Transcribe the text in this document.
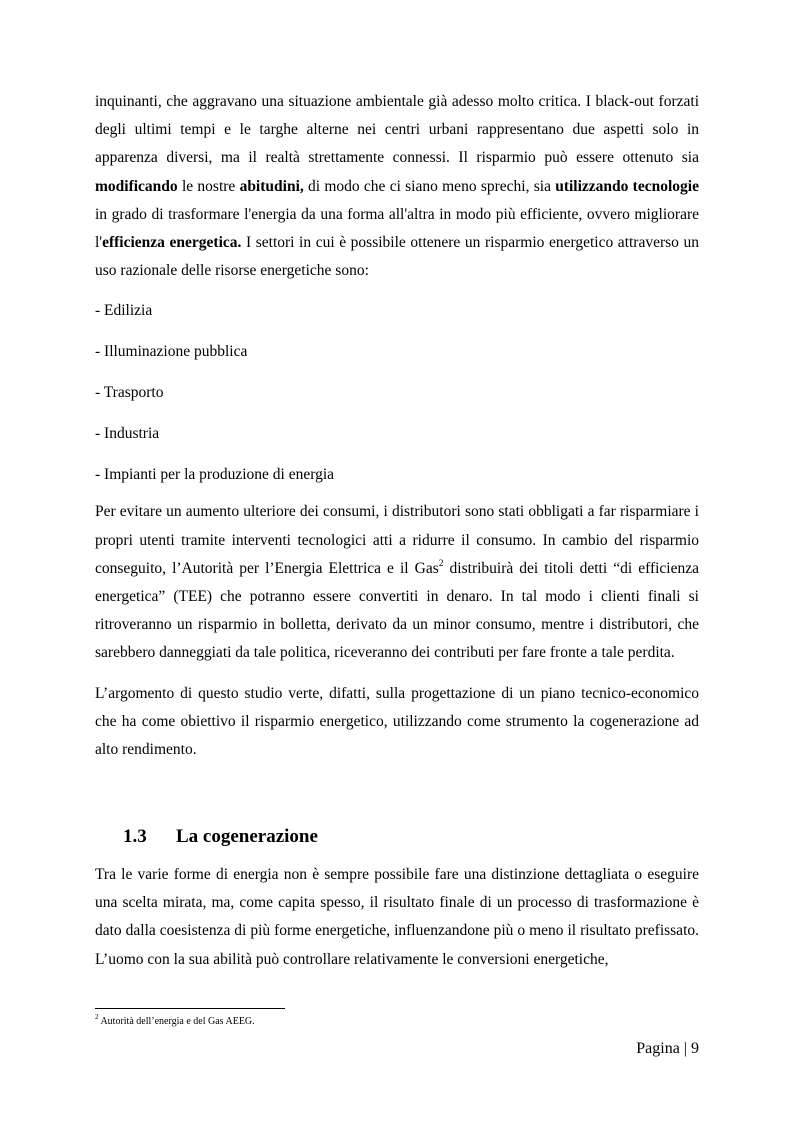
inquinanti, che aggravano una situazione ambientale già adesso molto critica. I black-out forzati degli ultimi tempi e le targhe alterne nei centri urbani rappresentano due aspetti solo in apparenza diversi, ma il realtà strettamente connessi. Il risparmio può essere ottenuto sia modificando le nostre abitudini, di modo che ci siano meno sprechi, sia utilizzando tecnologie in grado di trasformare l'energia da una forma all'altra in modo più efficiente, ovvero migliorare l'efficienza energetica. I settori in cui è possibile ottenere un risparmio energetico attraverso un uso razionale delle risorse energetiche sono:

- Edilizia
- Illuminazione pubblica
- Trasporto
- Industria
- Impianti per la produzione di energia

Per evitare un aumento ulteriore dei consumi, i distributori sono stati obbligati a far risparmiare i propri utenti tramite interventi tecnologici atti a ridurre il consumo. In cambio del risparmio conseguito, l’Autorità per l’Energia Elettrica e il Gas$^2$ distribuirà dei titoli detti “di efficienza energetica” (TEE) che potranno essere convertiti in denaro. In tal modo i clienti finali si ritroveranno un risparmio in bolletta, derivato da un minor consumo, mentre i distributori, che sarebbero danneggiati da tale politica, riceveranno dei contributi per fare fronte a tale perdita.

L’argomento di questo studio verte, difatti, sulla progettazione di un piano tecnico-economico che ha come obiettivo il risparmio energetico, utilizzando come strumento la cogenerazione ad alto rendimento.

1.3 La cogenerazione

Tra le varie forme di energia non è sempre possibile fare una distinzione dettagliata o eseguire una scelta mirata, ma, come capita spesso, il risultato finale di un processo di trasformazione è dato dalla coesistenza di più forme energetiche, influenzandone più o meno il risultato prefissato. L’uomo con la sua abilità può controllare relativamente le conversioni energetiche,

$^2$ Autorità dell’energia e del Gas AEEG.
Pagina | 9
